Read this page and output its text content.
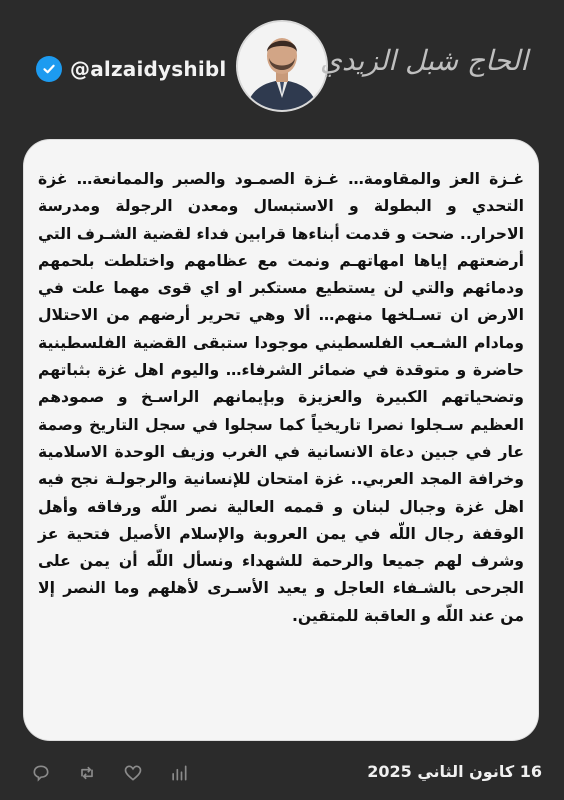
@alzaidyshibl	الحاج شبل الزيدي
غـزة العز والمقاومة… غـزة الصمـود والصبر والممانعة… غزة التحدي و البطولة و الاستبسال ومعدن الرجولة ومدرسة الاحرار.. ضحت و قدمت أبناءها قرابين فداء لقضية الشـرف التي أرضعتهم إياها امهاتهـم ونمت مع عظامهم واختلطت بلحمهم ودمائهم والتي لن يستطيع مستكبر او اي قوى مهما علت في الارض ان تسـلخها منهم… ألا وهي تحرير أرضهم من الاحتلال ومادام الشـعب الفلسطيني موجودا ستبقى القضية الفلسطينية حاضرة و متوقدة في ضمائر الشرفاء… واليوم اهل غزة بثباتهم وتضحياتهم الكبيرة والعزيزة وبإيمانهم الراسـخ و صمودهم العظيم سـجلوا نصرا تاريخياً كما سجلوا في سجل التاريخ وصمة عار في جبين دعاة الانسانية في الغرب وزيف الوحدة الاسلامية وخرافة المجد العربي.. غزة امتحان للإنسانية والرجولـة نجح فيه اهل غزة وجبال لبنان و قممه العالية نصر اللّه ورفاقه وأهل الوقفة رجال اللّه في يمن العروبة والإسلام الأصيل فتحية عز وشرف لهم جميعا والرحمة للشهداء ونسأل اللّه أن يمن على الجرحى بالشـفاء العاجل و يعيد الأسـرى لأهلهم وما النصر إلا من عند اللّه و العاقبة للمتقين.
16 كانون الثاني 2025
